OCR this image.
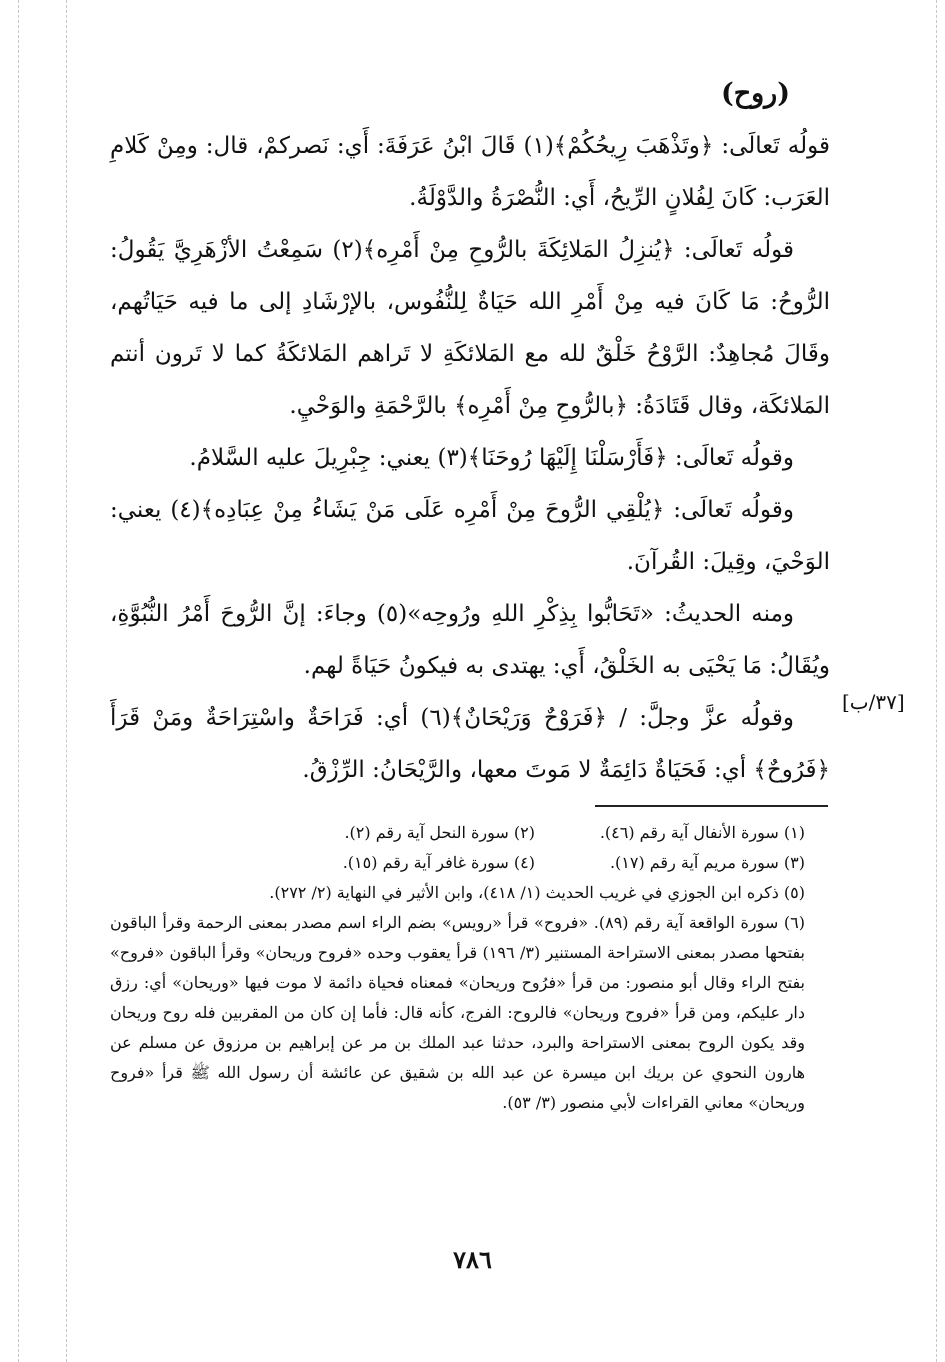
(روح)

قولُه تَعالَى: ﴿وتَذْهَبَ رِيحُكُمْ﴾(١) قَالَ ابْنُ عَرَفَةَ: أَي: نَصركمْ، قال: ومِنْ كَلامِ العَرَب: كَانَ لِفُلانٍ الرِّيحُ، أَي: النُّصْرَةُ والدَّوْلَةُ.

قولُه تَعالَى: ﴿يُنزِلُ المَلائِكَةَ بالرُّوحِ مِنْ أَمْرِه﴾(٢) سَمِعْتُ الأزْهَرِيَّ يَقُولُ: الرُّوحُ: مَا كَانَ فيه مِنْ أَمْرِ الله حَيَاةٌ لِلنُّفُوس، بالإرْشَادِ إلى ما فيه حَيَاتُهم، وقَالَ مُجاهِدٌ: الرَّوْحُ خَلْقٌ لله مع المَلائكَةِ لا تَراهم المَلائكَةُ كما لا تَرون أنتم المَلائكَة، وقال قَتَادَةُ: ﴿بالرُّوحِ مِنْ أَمْرِه﴾ بالرَّحْمَةِ والوَحْيِ.

وقولُه تَعالَى: ﴿فَأَرْسَلْنَا إِلَيْهَا رُوحَنَا﴾(٣) يعني: جِبْرِيلَ عليه السَّلامُ.

وقولُه تَعالَى: ﴿يُلْقِي الرُّوحَ مِنْ أَمْرِه عَلَى مَنْ يَشَاءُ مِنْ عِبَادِه﴾(٤) يعني: الوَحْيَ، وقِيلَ: القُرآنَ.

ومنه الحديثُ: «تَحَابُّوا بِذِكْرِ اللهِ ورُوحِه»(٥) وجاءَ: إنَّ الرُّوحَ أَمْرُ النُّبُوَّةِ، ويُقَالُ: مَا يَحْيَى به الخَلْقُ، أَي: يهتدى به فيكونُ حَيَاةً لهم.

وقولُه عزَّ وجلَّ: / ﴿فَرَوْحٌ وَرَيْحَانٌ﴾(٦) أي: فَرَاحَةٌ واسْتِرَاحَةٌ ومَنْ قَرَأَ ﴿فَرُوحٌ﴾ أي: فَحَيَاةٌ دَائِمَةٌ لا مَوتَ معها، والرَّيْحَانُ: الرِّزْقُ.

[٣٧/ب]
(١) سورة الأنفال آية رقم (٤٦).
(٢) سورة النحل آية رقم (٢).
(٣) سورة مريم آية رقم (١٧).
(٤) سورة غافر آية رقم (١٥).

(٥) ذكره ابن الجوزي في غريب الحديث (١/ ٤١٨)، وابن الأثير في النهاية (٢/ ٢٧٢).

(٦) سورة الواقعة آية رقم (٨٩). «فروح» قرأ «رويس» بضم الراء اسم مصدر بمعنى الرحمة وقرأ الباقون بفتحها مصدر بمعنى الاستراحة المستنير (٣/ ١٩٦) قرأ يعقوب وحده «فروح وريحان» وقرأ الباقون «فروح» بفتح الراء وقال أبو منصور: من قرأ «فرُوح وريحان» فمعناه فحياة دائمة لا موت فيها «وريحان» أي: رزق دار عليكم، ومن قرأ «فروح وريحان» فالروح: الفرج، كأنه قال: فأما إن كان من المقربين فله روح وريحان وقد يكون الروح بمعنى الاستراحة والبرد، حدثنا عبد الملك بن مر عن إبراهيم بن مرزوق عن مسلم عن هارون النحوي عن بريك ابن ميسرة عن عبد الله بن شقيق عن عائشة أن رسول الله ﷺ قرأ «فروح وريحان» معاني القراءات لأبي منصور (٣/ ٥٣).

٧٨٦
